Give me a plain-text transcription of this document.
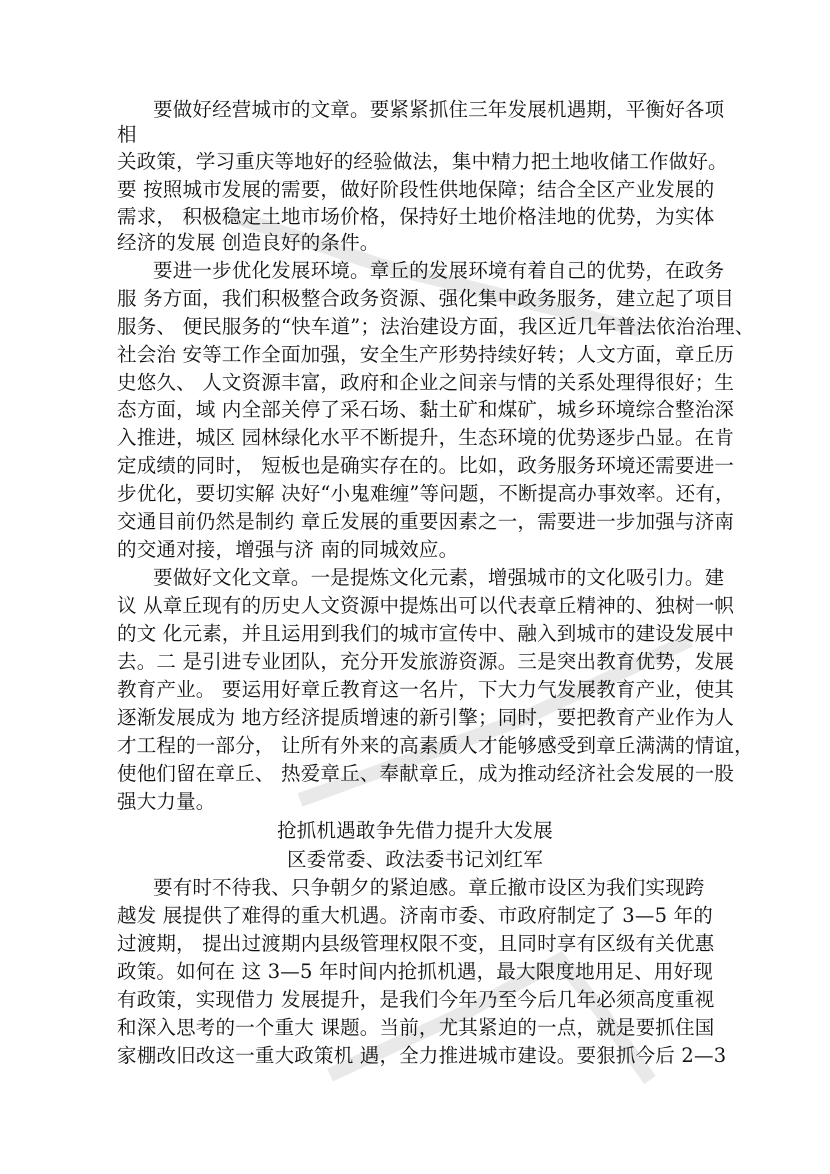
要做好经营城市的文章。要紧紧抓住三年发展机遇期，平衡好各项
相
关政策，学习重庆等地好的经验做法，集中精力把土地收储工作做好。
要 按照城市发展的需要，做好阶段性供地保障；结合全区产业发展的
需求， 积极稳定土地市场价格，保持好土地价格洼地的优势，为实体
经济的发展 创造良好的条件。
要进一步优化发展环境。章丘的发展环境有着自己的优势，在政务
服 务方面，我们积极整合政务资源、强化集中政务服务，建立起了项目
服务、 便民服务的“快车道”；法治建设方面，我区近几年普法依治治理、
社会治 安等工作全面加强，安全生产形势持续好转；人文方面，章丘历
史悠久、 人文资源丰富，政府和企业之间亲与情的关系处理得很好；生
态方面，域 内全部关停了采石场、黏土矿和煤矿，城乡环境综合整治深
入推进，城区 园林绿化水平不断提升，生态环境的优势逐步凸显。在肯
定成绩的同时， 短板也是确实存在的。比如，政务服务环境还需要进一
步优化，要切实解 决好“小鬼难缠”等问题，不断提高办事效率。还有，
交通目前仍然是制约 章丘发展的重要因素之一，需要进一步加强与济南
的交通对接，增强与济 南的同城效应。
要做好文化文章。一是提炼文化元素，增强城市的文化吸引力。建
议 从章丘现有的历史人文资源中提炼出可以代表章丘精神的、独树一帜
的文 化元素，并且运用到我们的城市宣传中、融入到城市的建设发展中
去。二 是引进专业团队，充分开发旅游资源。三是突出教育优势，发展
教育产业。 要运用好章丘教育这一名片，下大力气发展教育产业，使其
逐渐发展成为 地方经济提质增速的新引擎；同时，要把教育产业作为人
才工程的一部分， 让所有外来的高素质人才能够感受到章丘满满的情谊，
使他们留在章丘、 热爱章丘、奉献章丘，成为推动经济社会发展的一股
强大力量。
抢抓机遇敢争先借力提升大发展
区委常委、政法委书记刘红军
要有时不待我、只争朝夕的紧迫感。章丘撤市设区为我们实现跨
越发 展提供了难得的重大机遇。济南市委、市政府制定了 3—5 年的
过渡期， 提出过渡期内县级管理权限不变，且同时享有区级有关优惠
政策。如何在 这 3—5 年时间内抢抓机遇，最大限度地用足、用好现
有政策，实现借力 发展提升，是我们今年乃至今后几年必须高度重视
和深入思考的一个重大 课题。当前，尤其紧迫的一点，就是要抓住国
家棚改旧改这一重大政策机 遇，全力推进城市建设。要狠抓今后 2—3
